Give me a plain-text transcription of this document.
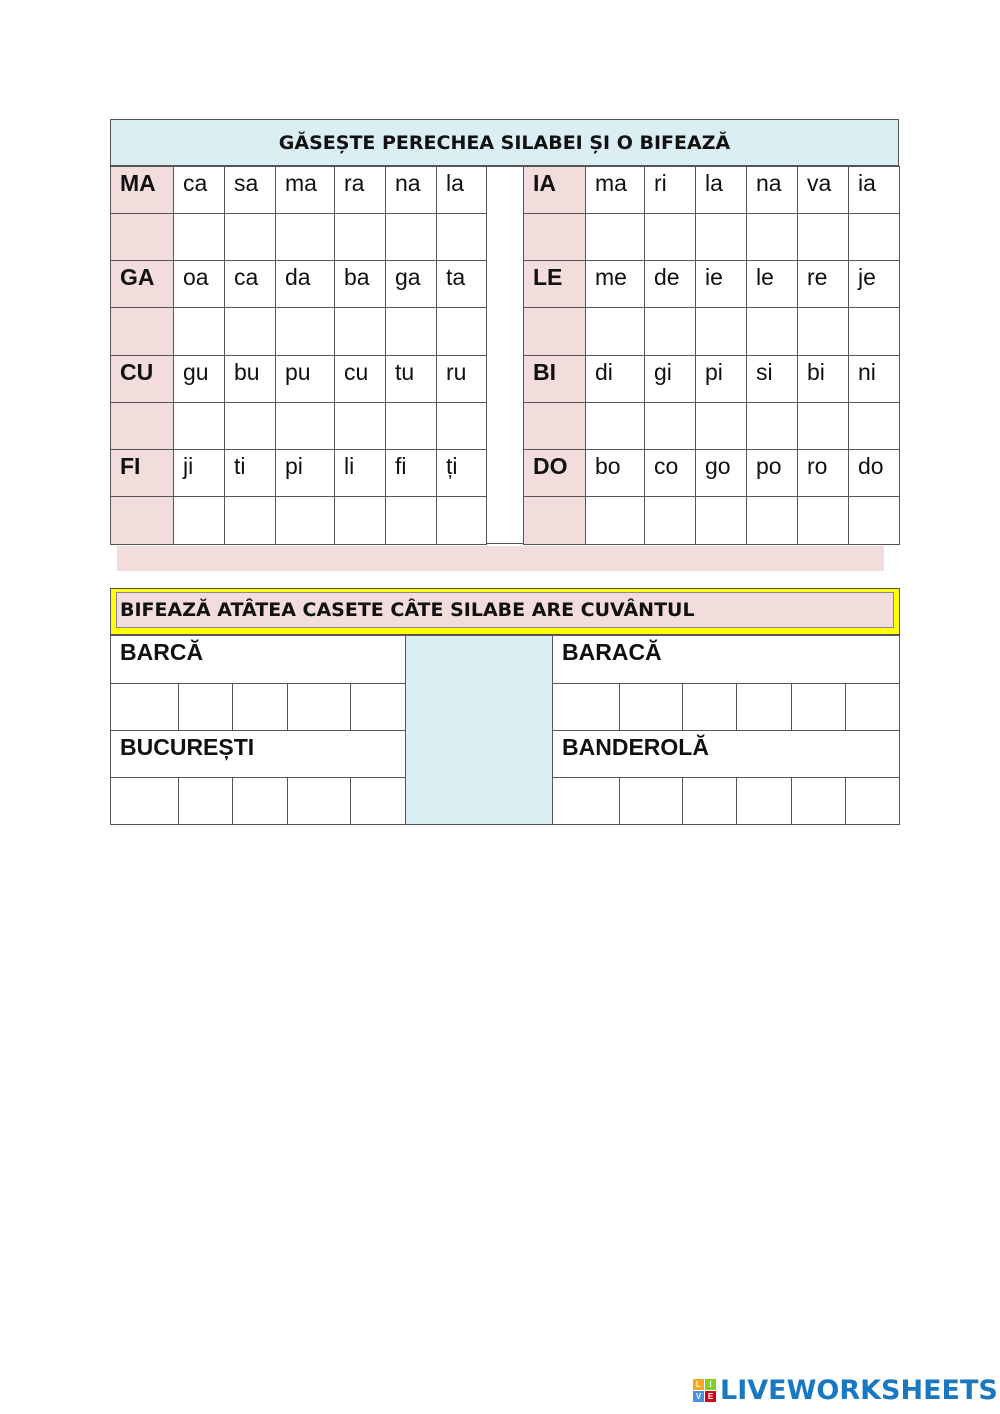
GĂSEȘTE PERECHEA SILABEI ȘI O BIFEAZĂ
BIFEAZĂ ATÂTEA CASETE CÂTE SILABE ARE CUVÂNTUL
L	I
V E LIVEWORKSHEETS
MA	ca	sa	ma	ra	na	la
GA	oa	ca	da	ba	ga	ta
CU	gu	bu	pu	cu	tu	ru
FI	ji	ti	pi	li	fi	ți
IA	ma	ri	la	na	va	ia
LE	me	de	ie	le	re	je
BI	di	gi	pi	si	bi	ni
DO	bo	co	go	po	ro	do
BARCĂ	BARACĂ
BUCUREȘTI	BANDEROLĂ
